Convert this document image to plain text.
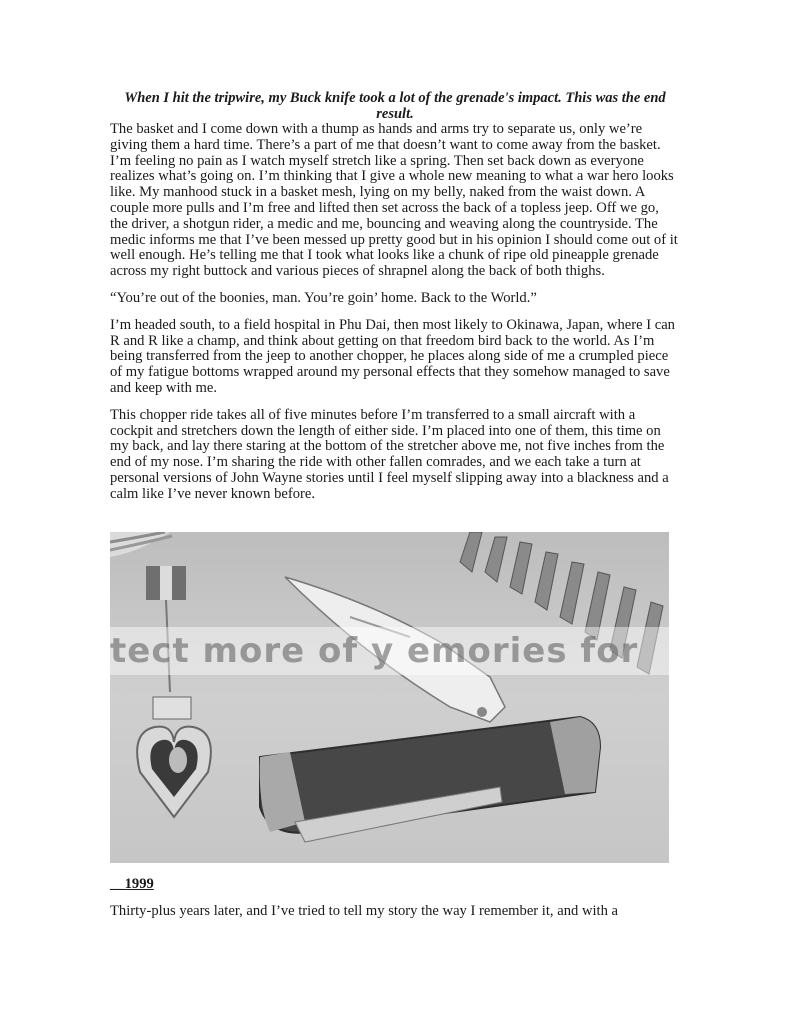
When I hit the tripwire, my Buck knife took a lot of the grenade's impact. This was the end result.

The basket and I come down with a thump as hands and arms try to separate us, only we’re giving them a hard time. There’s a part of me that doesn’t want to come away from the basket. I’m feeling no pain as I watch myself stretch like a spring. Then set back down as everyone realizes what’s going on. I’m thinking that I give a whole new meaning to what a war hero looks like. My manhood stuck in a basket mesh, lying on my belly, naked from the waist down. A couple more pulls and I’m free and lifted then set across the back of a topless jeep. Off we go, the driver, a shotgun rider, a medic and me, bouncing and weaving along the countryside. The medic informs me that I’ve been messed up pretty good but in his opinion I should come out of it well enough. He’s telling me that I took what looks like a chunk of ripe old pineapple grenade across my right buttock and various pieces of shrapnel along the back of both thighs.

“You’re out of the boonies, man. You’re goin’ home. Back to the World.”

I’m headed south, to a field hospital in Phu Dai, then most likely to Okinawa, Japan, where I can R and R like a champ, and think about getting on that freedom bird back to the world. As I’m being transferred from the jeep to another chopper, he places along side of me a crumpled piece of my fatigue bottoms wrapped around my personal effects that they somehow managed to save and keep with me.

This chopper ride takes all of five minutes before I’m transferred to a small aircraft with a cockpit and stretchers down the length of either side. I’m placed into one of them, this time on my back, and lay there staring at the bottom of the stretcher above me, not five inches from the end of my nose. I’m sharing the ride with other fallen comrades, and we each take a turn at personal versions of John Wayne stories until I feel myself slipping away into a blackness and a calm like I’ve never known before.

tect more of y emories for
__1999

Thirty-plus years later, and I’ve tried to tell my story the way I remember it, and with a
